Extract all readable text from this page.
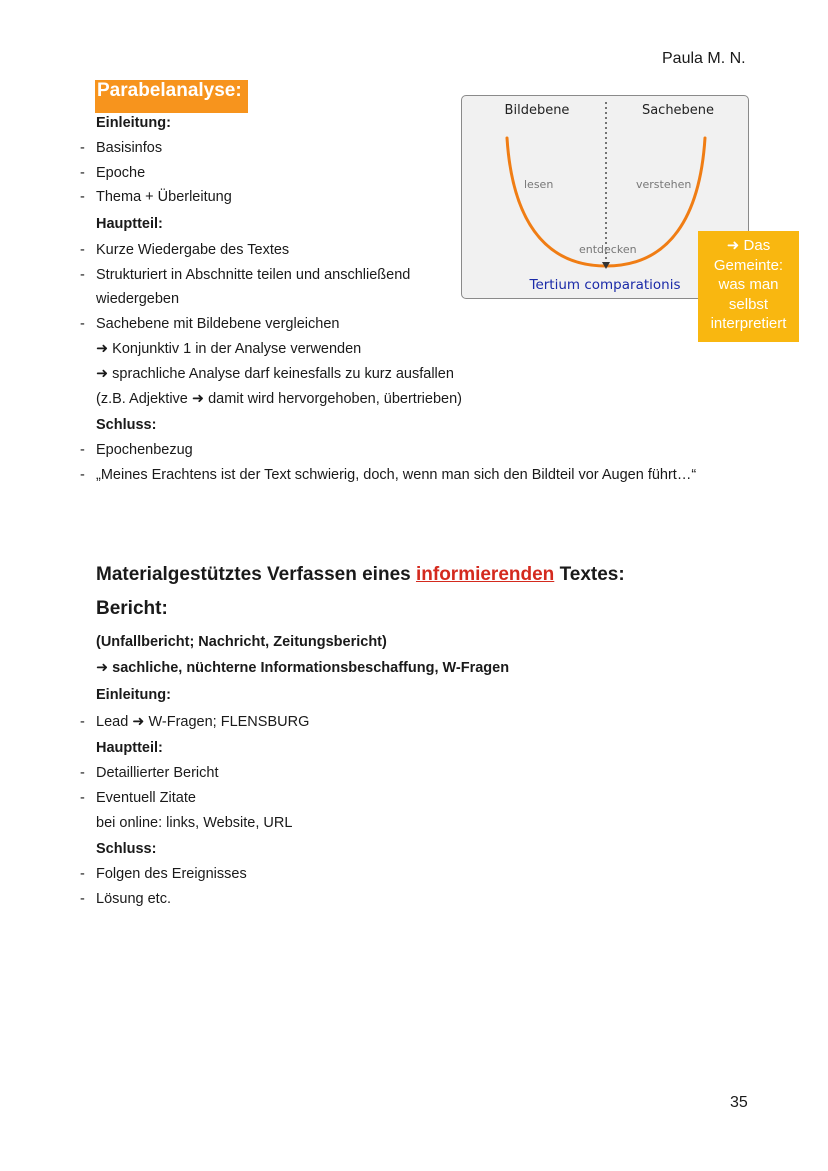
Paula M. N.
35
Parabelanalyse:
Einleitung:
- Basisinfos
- Epoche
- Thema + Überleitung
Hauptteil:
- Kurze Wiedergabe des Textes
- Strukturiert in Abschnitte teilen und anschließend
wiedergeben
- Sachebene mit Bildebene vergleichen
➜ Konjunktiv 1 in der Analyse verwenden
➜ sprachliche Analyse darf keinesfalls zu kurz ausfallen
(z.B. Adjektive ➜ damit wird hervorgehoben, übertrieben)
Schluss:
- Epochenbezug
- „Meines Erachtens ist der Text schwierig, doch, wenn man sich den Bildteil vor Augen führt…“
Bildebene	Sachebene
lesen	verstehen
entdecken
Tertium comparationis
➜ Das
Gemeinte:
was man
selbst
interpretiert
Materialgestütztes Verfassen eines informierenden Textes:
Bericht:
(Unfallbericht; Nachricht, Zeitungsbericht)
➜ sachliche, nüchterne Informationsbeschaffung, W-Fragen
Einleitung:
- Lead ➜ W-Fragen; FLENSBURG
Hauptteil:
- Detaillierter Bericht
- Eventuell Zitate
bei online: links, Website, URL
Schluss:
- Folgen des Ereignisses
- Lösung etc.
